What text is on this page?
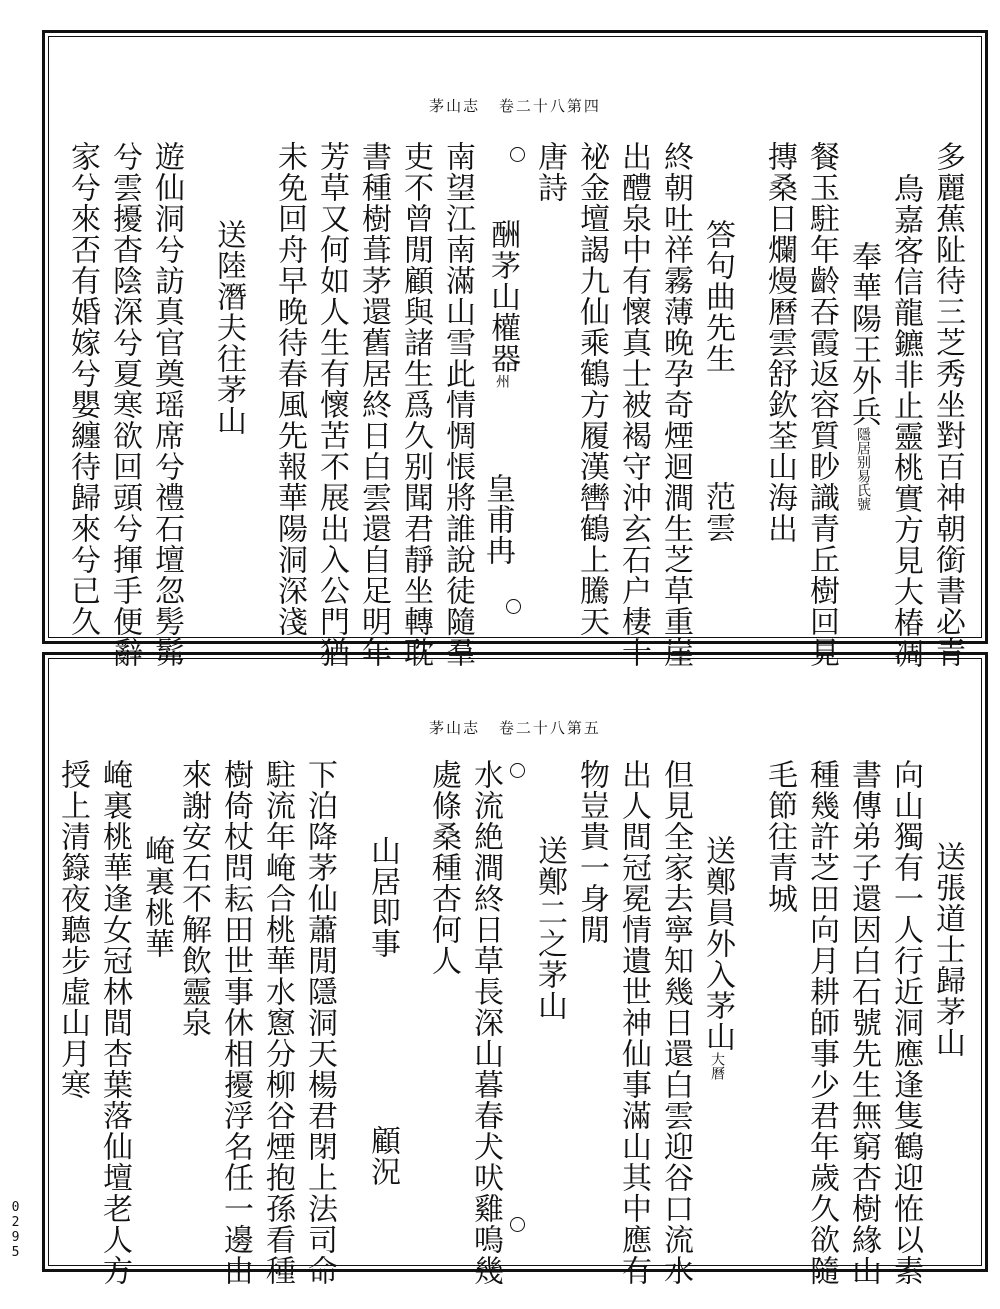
茅山志 卷二十八第四
多麗蕉阯待三芝秀坐對百神朝銜書必青
鳥嘉客信龍鑣非止靈桃實方見大椿凋
奉華陽王外兵隱居别易氏號
餐玉駐年齡吞霞返容質眇識青丘樹回見
摶桑日爛熳曆雲舒欽荃山海出
答句曲先生
范雲
終朝吐祥霧薄晚孕奇煙迴澗生芝草重崖
出醴泉中有懷真士被褐守沖玄石户棲十
祕金壇謁九仙乘鶴方履漢轡鶴上騰天
唐詩
酬茅山權器州
皇甫冉
南望江南滿山雪此情惆悵將誰說徒隨羣
吏不曾閒顧與諸生爲久别聞君靜坐轉耽
書種樹葺茅還舊居終日白雲還自足明年
芳草又何如人生有懷苦不展出入公門猶
未免回舟早晚待春風先報華陽洞深淺
送陸潛夫往茅山
遊仙洞兮訪真官奠瑶席兮禮石壇忽髣髴
兮雲擾杳陰深兮夏寒欲回頭兮揮手便辭
家兮來否有婚嫁兮嬰纏待歸來兮已久
茅山志 卷二十八第五
送張道士歸茅山
向山獨有一人行近洞應逢隻鶴迎恠以素
書傳弟子還因白石號先生無窮杏樹緣山
種幾許芝田向月耕師事少君年歲久欲隨
毛節往青城
送鄭員外入茅山大曆
但見全家去寧知幾日還白雲迎谷口流水
出人間冠冕情遺世神仙事滿山其中應有
物豈貴一身閒
送鄭二之茅山
水流絶澗終日草長深山暮春犬吠雞鳴幾
處條桑種杏何人
山居即事
顧況
下泊降茅仙蕭閒隱洞天楊君閉上法司命
駐流年崦合桃華水窻分柳谷煙抱孫看種
樹倚杖問耘田世事休相擾浮名任一邊由
來謝安石不解飲靈泉
崦裏桃華
崦裏桃華逢女冠林間杏葉落仙壇老人方
授上清籙夜聽步虛山月寒
0295
